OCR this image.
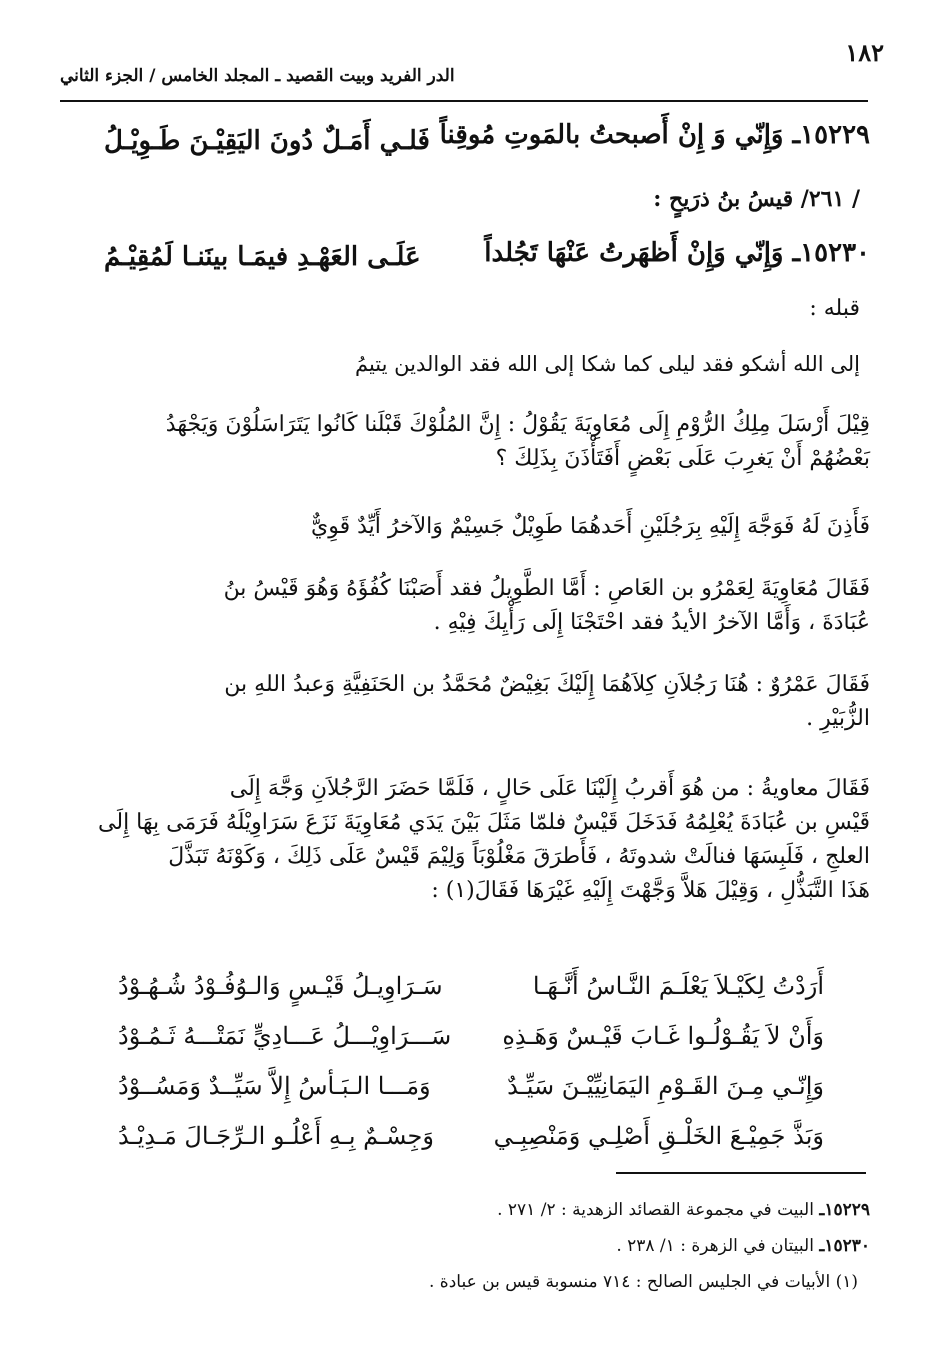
١٨٢
الدر الفريد وبيت القصيد ـ المجلد الخامس / الجزء الثاني
١٥٢٢٩ـ وَإِنّي وَ إِنْ أَصبحتُ بالمَوتِ مُوقِناً
فَلـي أَمَـلٌ دُونَ اليَقِيْـنَ طَـوِيْـلُ
/ ٢٦١/ قيسُ بنُ ذرَيحٍ :
١٥٢٣٠ـ وَإِنّي وَإِنْ أَظهَرتُ عَنْهَا تَجُلداً
عَلَـى العَهْـدِ فيمَـا بينَنـا لَمُقِيْـمُ
قبله :
إلى الله أشكو فقد ليلى كما شكا إلى الله فقد الوالدين يتيمُ

قِيْلَ أَرْسَلَ مِلِكُ الرُّوْمِ إِلَى مُعَاوِيَةَ يَقُوْلُ : إِنَّ المُلُوْكَ قَبْلَنا كَانُوا يَتَرَاسَلُوْنَ وَيَجْهَدُ

بَعْضُهُمْ أَنْ يَغرِبَ عَلَى بَعْضٍ أَفَتَأْذَنَ بِذَلِكَ ؟

فَأَذِنَ لَهُ فَوَجَّهَ إِلَيْهِ بِرَجُلَيْنِ أَحَدهُمَا طَوِيْلٌ جَسِيْمٌ وَالآخرُ أَيِّدٌ قَوِيٌّ

فَقَالَ مُعَاوِيَةَ لِعَمْرُو بن العَاصِ : أَمَّا الطَّوِيلُ فقد أَصَبْنَا كُفُؤَهُ وَهُوَ قَيْسُ بنُ

عُبَادَةَ ، وَأَمَّا الآخرُ الأيدُ فقد احْتَجْنَا إِلَى رَأْيِكَ فِيْهِ .

فَقَالَ عَمْرُوٌ : هُنَا رَجُلاَنِ كِلاَهُمَا إِلَيْكَ بَغِيْضٌ مُحَمَّدُ بن الحَنَفِيَّةِ وَعبدُ اللهِ بن

الزُّبَيْرِ .

فَقَالَ معاويةُ : من هُوَ أَقربُ إِلَيْنَا عَلَى حَالٍ ، فَلَمَّا حَضَرَ الرَّجُلاَنِ وَجَّهَ إِلَى

قَيْسِ بن عُبَادَةَ يُعْلِمُهُ فَدَخَلَ قَيْسٌ فلمّا مَثَلَ بَيْنَ يَدَي مُعَاوِيَةَ نَزَعَ سَرَاوِيْلَهُ فَرَمَى بِهَا إِلَى

العلجِ ، فَلَبِسَهَا فنالَتْ شدوتَهُ ، فَأَطرَقَ مَغْلُوْبَاً وَلِيْمَ قَيْسٌ عَلَى ذَلِكَ ، وَكَوْنَهُ تَبَذَّلَ

هَذَا التَّبَذُّلِ ، وَقِيْلَ هَلاَّ وَجَّهْتَ إِلَيْهِ غَيْرَهَا فَقَالَ(١) :

أَرَدْتُ لِكَيْـلاَ يَعْلَـمَ النَّـاسُ أَنَّـهَـا
سَـرَاوِيـلُ قَيْـسٍ وَالـوُفُـوْدُ شُـهُـوْدُ
وَأَنْ لاَ يَقُـوْلُـوا غَـابَ قَيْـسٌ وَهَـذِهِ
سَـــرَاوِيْـــلُ عَـــادِيٍّ نَمَتْـــهُ ثَـمُـوْدُ
وَإِنّـي مِـنَ القَـوْمِ اليَمَانِيِّيْـنَ سَيِّـدٌ
وَمَـــا الـبَـأسُ إِلاَّ سَيِّــدٌ وَمَسُــوْدُ
وَبَذَّ جَمِيْـعَ الخَلْـقِ أَصْلِـي وَمَنْصِبِـي
وَجِسْـمٌ بِـهِ أَعْلُـو الـرِّجَـالَ مَـدِيْـدُ
١٥٢٢٩ـ البيت في مجموعة القصائد الزهدية : ٢/ ٢٧١ .
١٥٢٣٠ـ البيتان في الزهرة : ١/ ٢٣٨ .
(١) الأبيات في الجليس الصالح : ٧١٤ منسوبة قيس بن عبادة .
